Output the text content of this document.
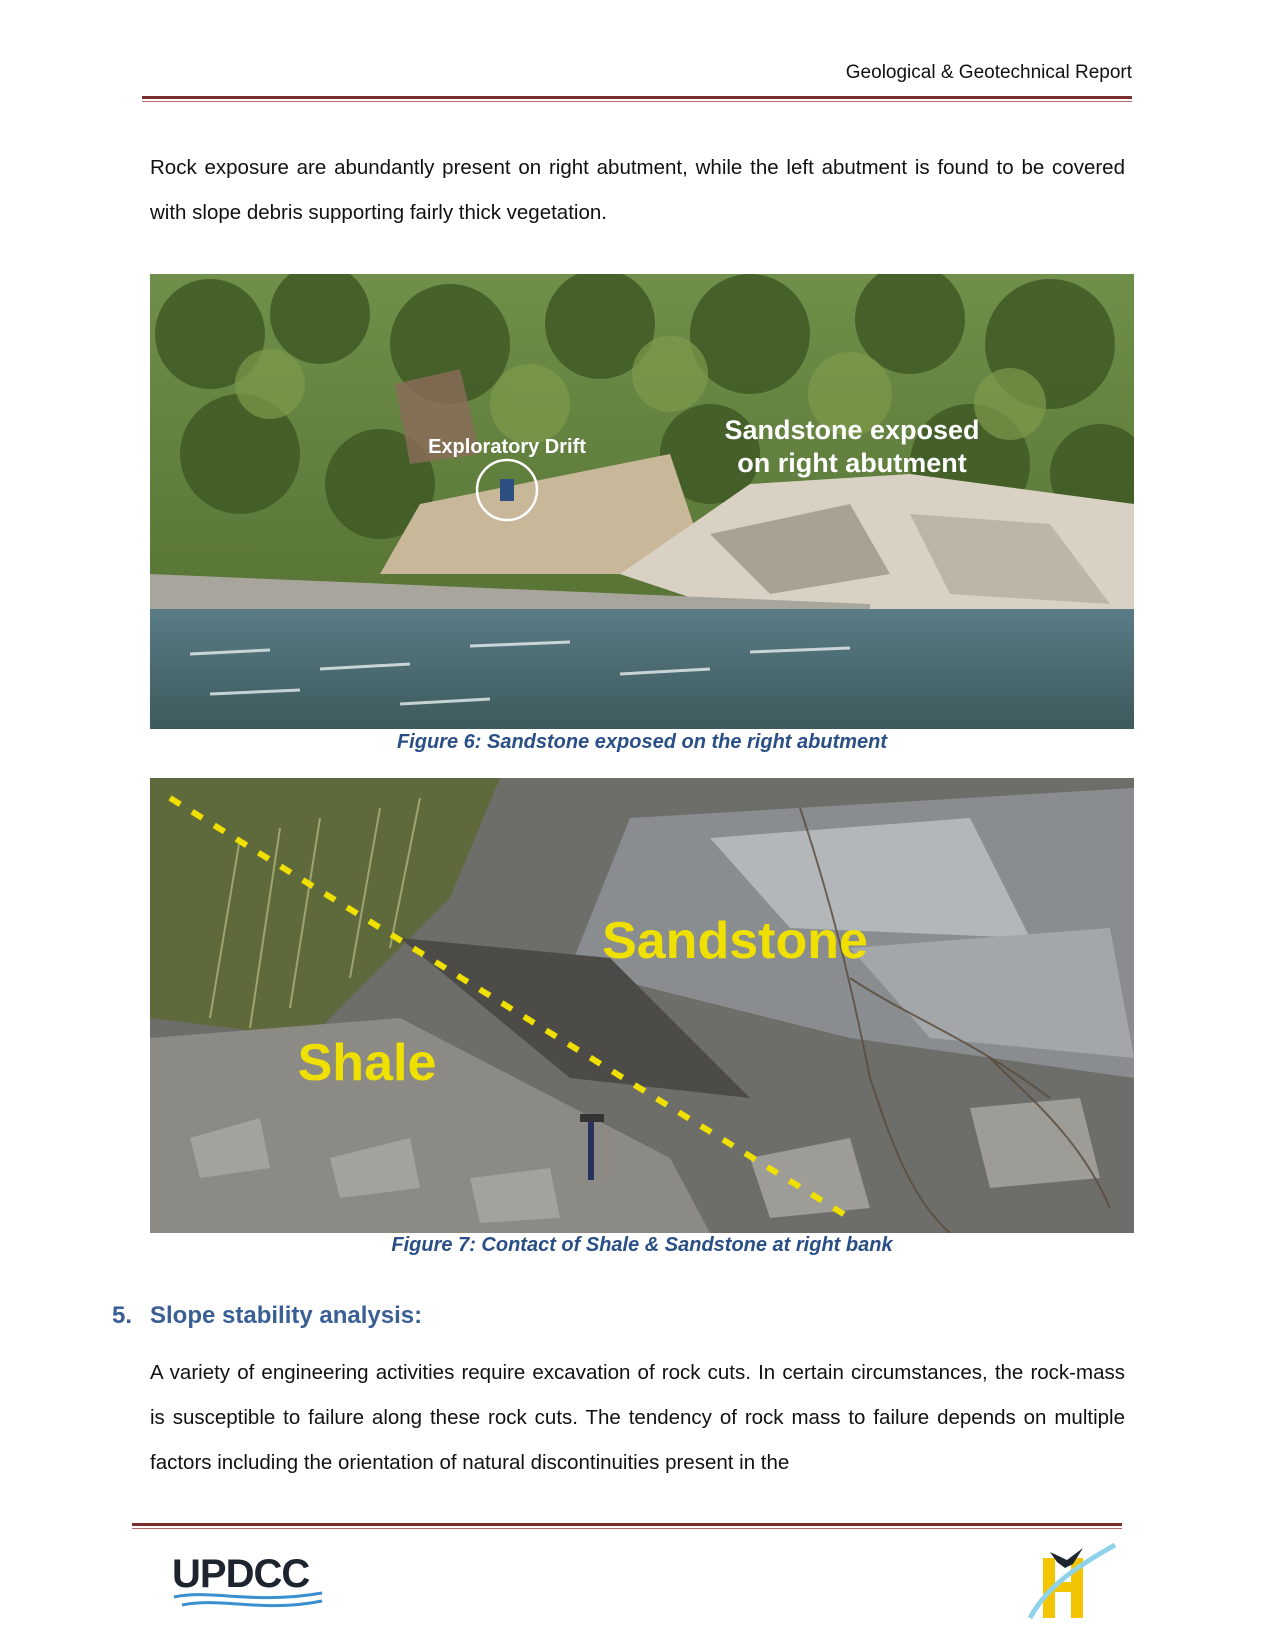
Geological & Geotechnical Report
Rock exposure are abundantly present on right abutment, while the left abutment is found to be covered with slope debris supporting fairly thick vegetation.
Exploratory Drift
Sandstone exposed
on right abutment
Figure 6: Sandstone exposed on the right abutment
Sandstone
Shale
Figure 7: Contact of Shale & Sandstone at right bank
5. Slope stability analysis:
A variety of engineering activities require excavation of rock cuts. In certain circumstances, the rock-mass is susceptible to failure along these rock cuts. The tendency of rock mass to failure depends on multiple factors including the orientation of natural discontinuities present in the
UPDCC
